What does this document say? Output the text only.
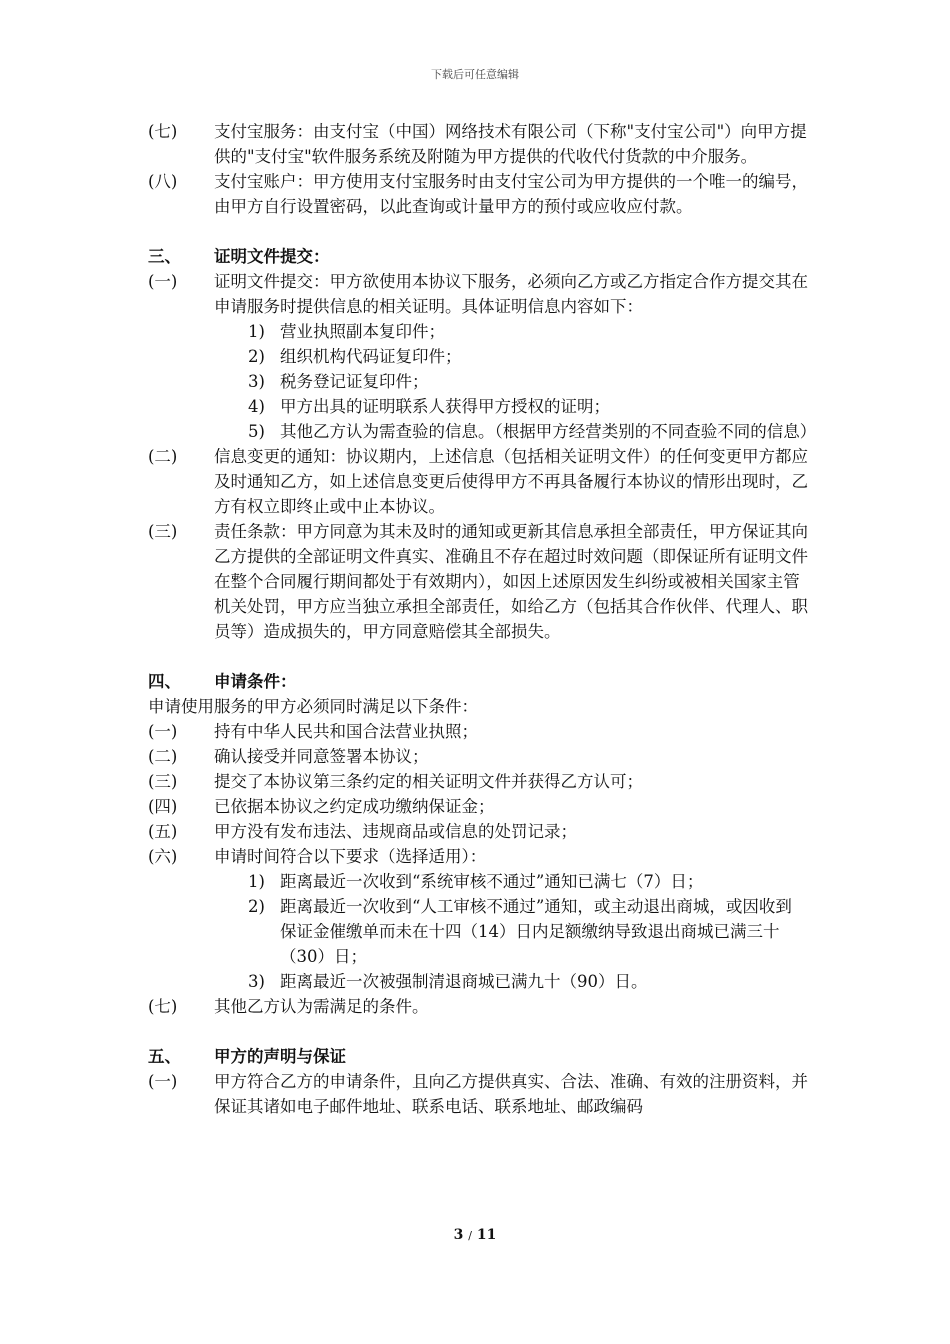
下载后可任意编辑
(七)	支付宝服务：由支付宝（中国）网络技术有限公司（下称"支付宝公司"）向甲方提供的"支付宝"软件服务系统及附随为甲方提供的代收代付货款的中介服务。
(八)	支付宝账户：甲方使用支付宝服务时由支付宝公司为甲方提供的一个唯一的编号，由甲方自行设置密码，以此查询或计量甲方的预付或应收应付款。
三、	证明文件提交：
(一)	证明文件提交：甲方欲使用本协议下服务，必须向乙方或乙方指定合作方提交其在申请服务时提供信息的相关证明。具体证明信息内容如下：
1) 营业执照副本复印件；
2) 组织机构代码证复印件；
3) 税务登记证复印件；
4) 甲方出具的证明联系人获得甲方授权的证明；
5) 其他乙方认为需查验的信息。（根据甲方经营类别的不同查验不同的信息）
(二)	信息变更的通知：协议期内，上述信息（包括相关证明文件）的任何变更甲方都应及时通知乙方，如上述信息变更后使得甲方不再具备履行本协议的情形出现时，乙方有权立即终止或中止本协议。
(三)	责任条款：甲方同意为其未及时的通知或更新其信息承担全部责任，甲方保证其向乙方提供的全部证明文件真实、准确且不存在超过时效问题（即保证所有证明文件在整个合同履行期间都处于有效期内），如因上述原因发生纠纷或被相关国家主管机关处罚，甲方应当独立承担全部责任，如给乙方（包括其合作伙伴、代理人、职员等）造成损失的，甲方同意赔偿其全部损失。
四、	申请条件：
申请使用服务的甲方必须同时满足以下条件：
(一)	持有中华人民共和国合法营业执照；
(二)	确认接受并同意签署本协议；
(三)	提交了本协议第三条约定的相关证明文件并获得乙方认可；
(四)	已依据本协议之约定成功缴纳保证金；
(五)	甲方没有发布违法、违规商品或信息的处罚记录；
(六)	申请时间符合以下要求（选择适用）：
1) 距离最近一次收到“系统审核不通过”通知已满七（7）日；
2) 距离最近一次收到“人工审核不通过”通知，或主动退出商城，或因收到保证金催缴单而未在十四（14）日内足额缴纳导致退出商城已满三十（30）日；
3) 距离最近一次被强制清退商城已满九十（90）日。
(七)	其他乙方认为需满足的条件。
五、	甲方的声明与保证
(一)	甲方符合乙方的申请条件，且向乙方提供真实、合法、准确、有效的注册资料，并保证其诸如电子邮件地址、联系电话、联系地址、邮政编码
3 / 11
